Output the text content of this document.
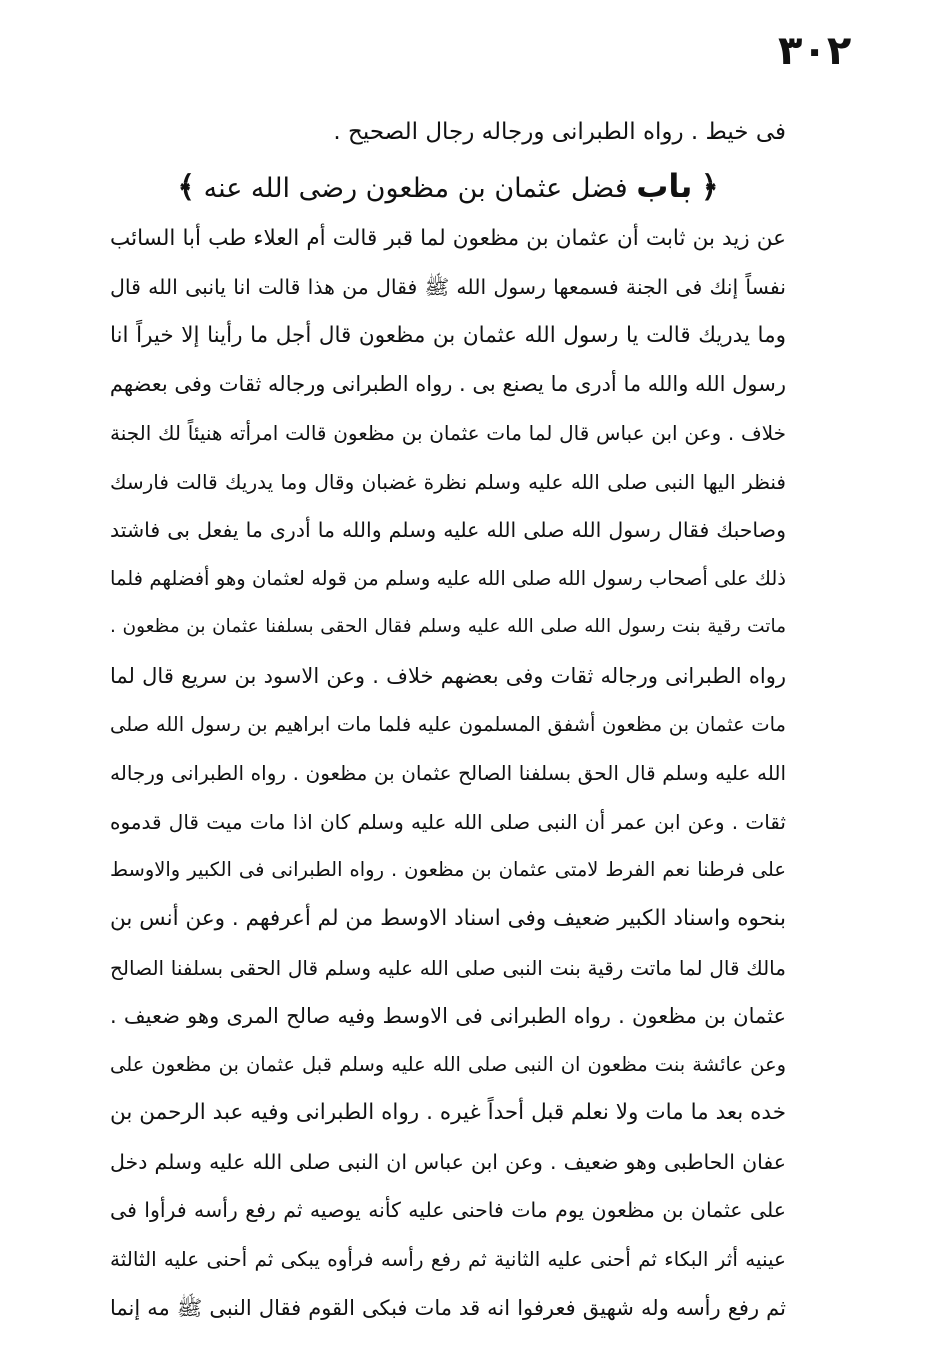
٣٠٢
فى خيط . رواه الطبرانى ورجاله رجال الصحيح .
﴿ باب فضل عثمان بن مظعون رضى الله عنه ﴾
عن زيد بن ثابت أن عثمان بن مظعون لما قبر قالت أم العلاء طب أبا السائب
نفساً إنك فى الجنة فسمعها رسول الله ﷺ فقال من هذا قالت انا يانبى الله قال
وما يدريك قالت يا رسول الله عثمان بن مظعون قال أجل ما رأينا إلا خيراً انا
رسول الله والله ما أدرى ما يصنع بى . رواه الطبرانى ورجاله ثقات وفى بعضهم
خلاف . وعن ابن عباس قال لما مات عثمان بن مظعون قالت امرأته هنيئاً لك الجنة
فنظر اليها النبى صلى الله عليه وسلم نظرة غضبان وقال وما يدريك قالت فارسك
وصاحبك فقال رسول الله صلى الله عليه وسلم والله ما أدرى ما يفعل بى فاشتد
ذلك على أصحاب رسول الله صلى الله عليه وسلم من قوله لعثمان وهو أفضلهم فلما
ماتت رقية بنت رسول الله صلى الله عليه وسلم فقال الحقى بسلفنا عثمان بن مظعون .
رواه الطبرانى ورجاله ثقات وفى بعضهم خلاف . وعن الاسود بن سريع قال لما
مات عثمان بن مظعون أشفق المسلمون عليه فلما مات ابراهيم بن رسول الله صلى
الله عليه وسلم قال الحق بسلفنا الصالح عثمان بن مظعون . رواه الطبرانى ورجاله
ثقات . وعن ابن عمر أن النبى صلى الله عليه وسلم كان اذا مات ميت قال قدموه
على فرطنا نعم الفرط لامتى عثمان بن مظعون . رواه الطبرانى فى الكبير والاوسط
بنحوه واسناد الكبير ضعيف وفى اسناد الاوسط من لم أعرفهم . وعن أنس بن
مالك قال لما ماتت رقية بنت النبى صلى الله عليه وسلم قال الحقى بسلفنا الصالح
عثمان بن مظعون . رواه الطبرانى فى الاوسط وفيه صالح المرى وهو ضعيف .
وعن عائشة بنت مظعون ان النبى صلى الله عليه وسلم قبل عثمان بن مظعون على
خده بعد ما مات ولا نعلم قبل أحداً غيره . رواه الطبرانى وفيه عبد الرحمن بن
عفان الحاطبى وهو ضعيف . وعن ابن عباس ان النبى صلى الله عليه وسلم دخل
على عثمان بن مظعون يوم مات فاحنى عليه كأنه يوصيه ثم رفع رأسه فرأوا فى
عينيه أثر البكاء ثم أحنى عليه الثانية ثم رفع رأسه فرأوه يبكى ثم أحنى عليه الثالثة
ثم رفع رأسه وله شهيق فعرفوا انه قد مات فبكى القوم فقال النبى ﷺ مه إنما
